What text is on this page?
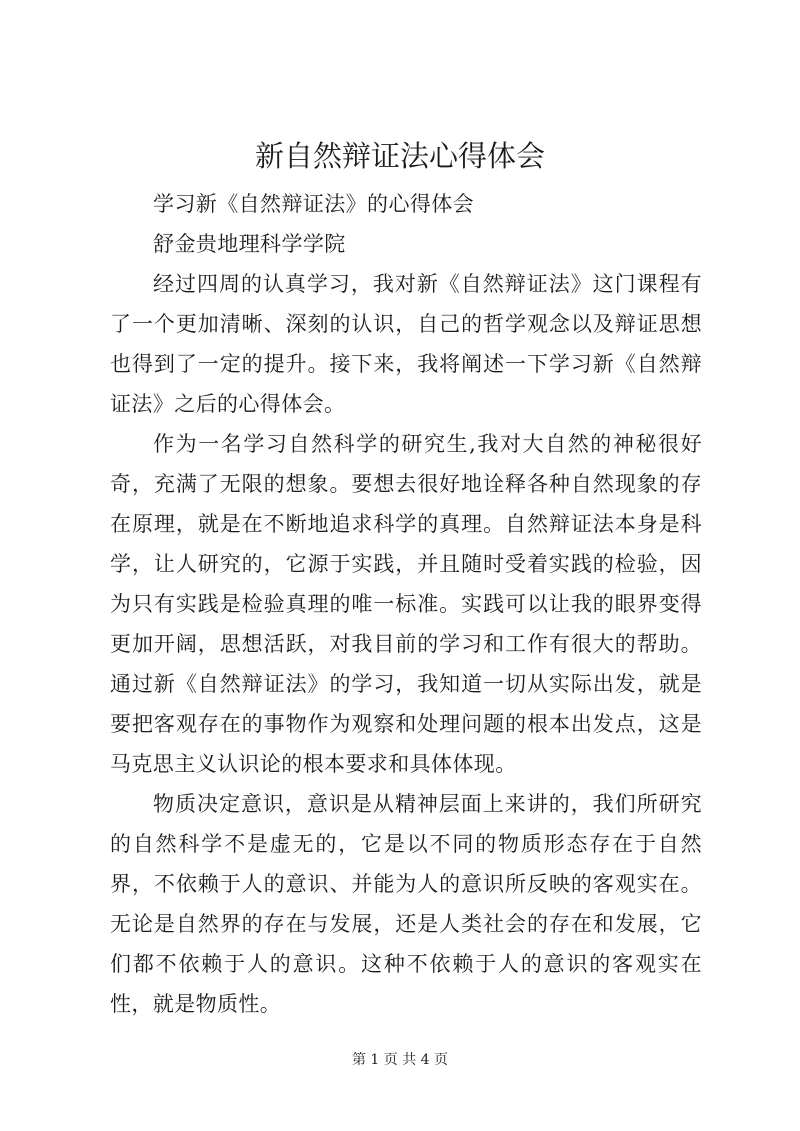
新自然辩证法心得体会

学习新《自然辩证法》的心得体会

舒金贵地理科学学院

经过四周的认真学习，我对新《自然辩证法》这门课程有了一个更加清晰、深刻的认识，自己的哲学观念以及辩证思想也得到了一定的提升。接下来，我将阐述一下学习新《自然辩证法》之后的心得体会。

作为一名学习自然科学的研究生,我对大自然的神秘很好奇，充满了无限的想象。要想去很好地诠释各种自然现象的存在原理，就是在不断地追求科学的真理。自然辩证法本身是科学，让人研究的，它源于实践，并且随时受着实践的检验，因为只有实践是检验真理的唯一标准。实践可以让我的眼界变得更加开阔，思想活跃，对我目前的学习和工作有很大的帮助。通过新《自然辩证法》的学习，我知道一切从实际出发，就是要把客观存在的事物作为观察和处理问题的根本出发点，这是马克思主义认识论的根本要求和具体体现。

物质决定意识，意识是从精神层面上来讲的，我们所研究的自然科学不是虚无的，它是以不同的物质形态存在于自然界，不依赖于人的意识、并能为人的意识所反映的客观实在。无论是自然界的存在与发展，还是人类社会的存在和发展，它们都不依赖于人的意识。这种不依赖于人的意识的客观实在性，就是物质性。

第 1 页 共 4 页
